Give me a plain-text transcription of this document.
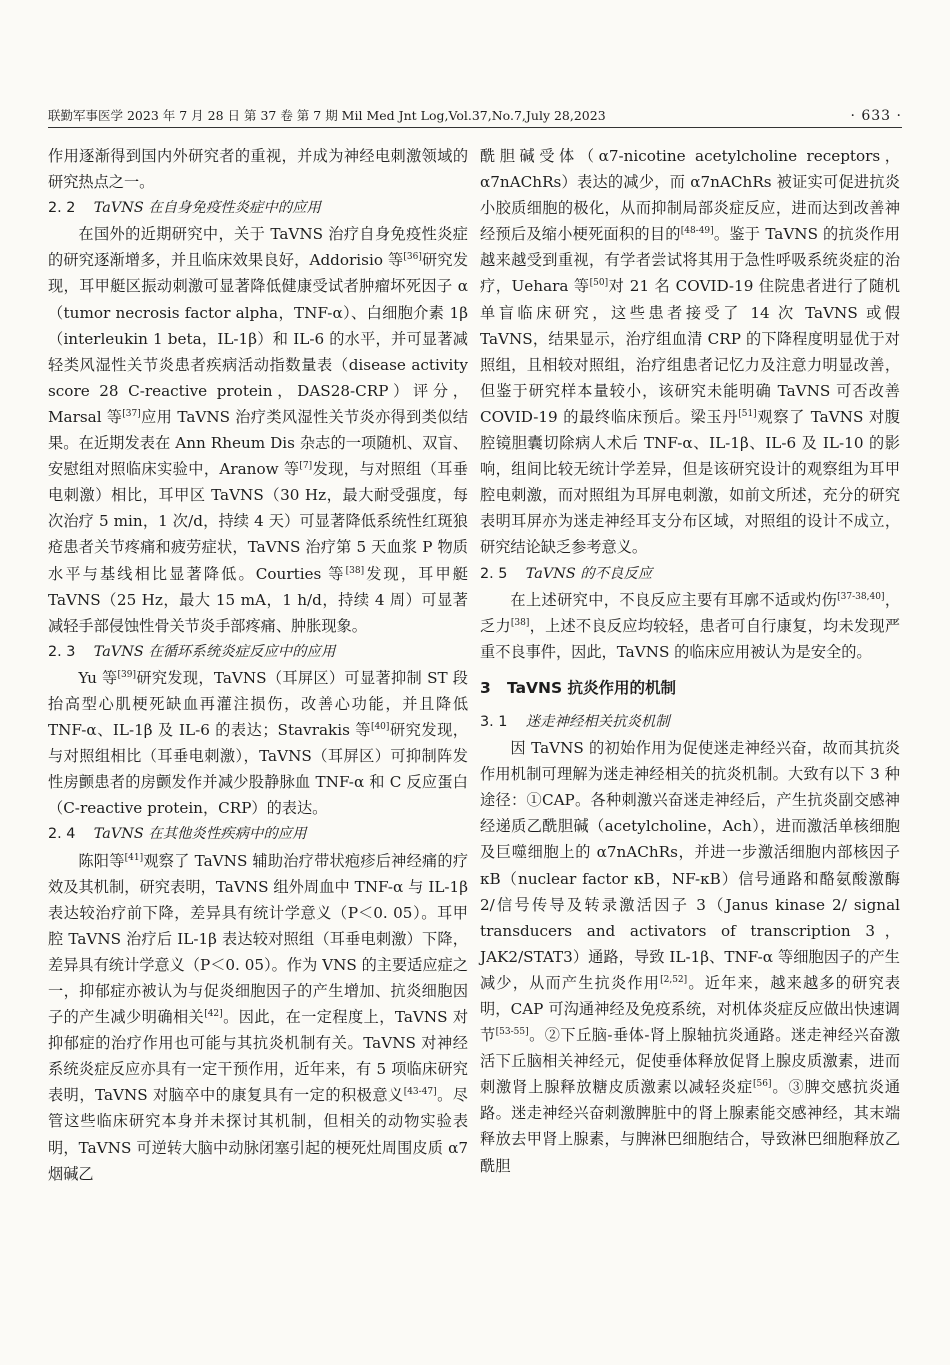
联勤军事医学 2023 年 7 月 28 日 第 37 卷 第 7 期 Mil Med Jnt Log,Vol.37,No.7,July 28,2023	· 633 ·

作用逐渐得到国内外研究者的重视，并成为神经电刺激领域的研究热点之一。

2. 2 TaVNS 在自身免疫性炎症中的应用

在国外的近期研究中，关于 TaVNS 治疗自身免疫性炎症的研究逐渐增多，并且临床效果良好，Addorisio 等[36]研究发现，耳甲艇区振动刺激可显著降低健康受试者肿瘤坏死因子 α（tumor necrosis factor alpha，TNF-α）、白细胞介素 1β（interleukin 1 beta，IL-1β）和 IL-6 的水平，并可显著减轻类风湿性关节炎患者疾病活动指数量表（disease activity score 28 C-reactive protein，DAS28-CRP）评分，Marsal 等[37]应用 TaVNS 治疗类风湿性关节炎亦得到类似结果。在近期发表在 Ann Rheum Dis 杂志的一项随机、双盲、安慰组对照临床实验中，Aranow 等[7]发现，与对照组（耳垂电刺激）相比，耳甲区 TaVNS（30 Hz，最大耐受强度，每次治疗 5 min，1 次/d，持续 4 天）可显著降低系统性红斑狼疮患者关节疼痛和疲劳症状，TaVNS 治疗第 5 天血浆 P 物质水平与基线相比显著降低。Courties 等[38]发现，耳甲艇 TaVNS（25 Hz，最大 15 mA，1 h/d，持续 4 周）可显著减轻手部侵蚀性骨关节炎手部疼痛、肿胀现象。

2. 3 TaVNS 在循环系统炎症反应中的应用

Yu 等[39]研究发现，TaVNS（耳屏区）可显著抑制 ST 段抬高型心肌梗死缺血再灌注损伤，改善心功能，并且降低 TNF-α、IL-1β 及 IL-6 的表达；Stavrakis 等[40]研究发现，与对照组相比（耳垂电刺激），TaVNS（耳屏区）可抑制阵发性房颤患者的房颤发作并减少股静脉血 TNF-α 和 C 反应蛋白（C-reactive protein，CRP）的表达。

2. 4 TaVNS 在其他炎性疾病中的应用

陈阳等[41]观察了 TaVNS 辅助治疗带状疱疹后神经痛的疗效及其机制，研究表明，TaVNS 组外周血中 TNF-α 与 IL-1β 表达较治疗前下降，差异具有统计学意义（P＜0. 05）。耳甲腔 TaVNS 治疗后 IL-1β 表达较对照组（耳垂电刺激）下降，差异具有统计学意义（P＜0. 05）。作为 VNS 的主要适应症之一，抑郁症亦被认为与促炎细胞因子的产生增加、抗炎细胞因子的产生减少明确相关[42]。因此，在一定程度上，TaVNS 对抑郁症的治疗作用也可能与其抗炎机制有关。TaVNS 对神经系统炎症反应亦具有一定干预作用，近年来，有 5 项临床研究表明，TaVNS 对脑卒中的康复具有一定的积极意义[43-47]。尽管这些临床研究本身并未探讨其机制，但相关的动物实验表明，TaVNS 可逆转大脑中动脉闭塞引起的梗死灶周围皮质 α7 烟碱乙

酰胆碱受体（α7-nicotine acetylcholine receptors，α7nAChRs）表达的减少，而 α7nAChRs 被证实可促进抗炎小胶质细胞的极化，从而抑制局部炎症反应，进而达到改善神经预后及缩小梗死面积的目的[48-49]。鉴于 TaVNS 的抗炎作用越来越受到重视，有学者尝试将其用于急性呼吸系统炎症的治疗，Uehara 等[50]对 21 名 COVID-19 住院患者进行了随机单盲临床研究，这些患者接受了 14 次 TaVNS 或假 TaVNS，结果显示，治疗组血清 CRP 的下降程度明显优于对照组，且相较对照组，治疗组患者记忆力及注意力明显改善，但鉴于研究样本量较小，该研究未能明确 TaVNS 可否改善 COVID-19 的最终临床预后。梁玉丹[51]观察了 TaVNS 对腹腔镜胆囊切除病人术后 TNF-α、IL-1β、IL-6 及 IL-10 的影响，组间比较无统计学差异，但是该研究设计的观察组为耳甲腔电刺激，而对照组为耳屏电刺激，如前文所述，充分的研究表明耳屏亦为迷走神经耳支分布区域，对照组的设计不成立，研究结论缺乏参考意义。

2. 5 TaVNS 的不良反应

在上述研究中，不良反应主要有耳廓不适或灼伤[37-38,40]，乏力[38]，上述不良反应均较轻，患者可自行康复，均未发现严重不良事件，因此，TaVNS 的临床应用被认为是安全的。

3 TaVNS 抗炎作用的机制

3. 1 迷走神经相关抗炎机制

因 TaVNS 的初始作用为促使迷走神经兴奋，故而其抗炎作用机制可理解为迷走神经相关的抗炎机制。大致有以下 3 种途径：①CAP。各种刺激兴奋迷走神经后，产生抗炎副交感神经递质乙酰胆碱（acetylcholine，Ach），进而激活单核细胞及巨噬细胞上的 α7nAChRs，并进一步激活细胞内部核因子 κB（nuclear factor κB，NF-κB）信号通路和酪氨酸激酶 2/信号传导及转录激活因子 3（Janus kinase 2/ signal transducers and activators of transcription 3，JAK2/STAT3）通路，导致 IL-1β、TNF-α 等细胞因子的产生减少，从而产生抗炎作用[2,52]。近年来，越来越多的研究表明，CAP 可沟通神经及免疫系统，对机体炎症反应做出快速调节[53-55]。②下丘脑-垂体-肾上腺轴抗炎通路。迷走神经兴奋激活下丘脑相关神经元，促使垂体释放促肾上腺皮质激素，进而刺激肾上腺释放糖皮质激素以减轻炎症[56]。③脾交感抗炎通路。迷走神经兴奋刺激脾脏中的肾上腺素能交感神经，其末端释放去甲肾上腺素，与脾淋巴细胞结合，导致淋巴细胞释放乙酰胆
